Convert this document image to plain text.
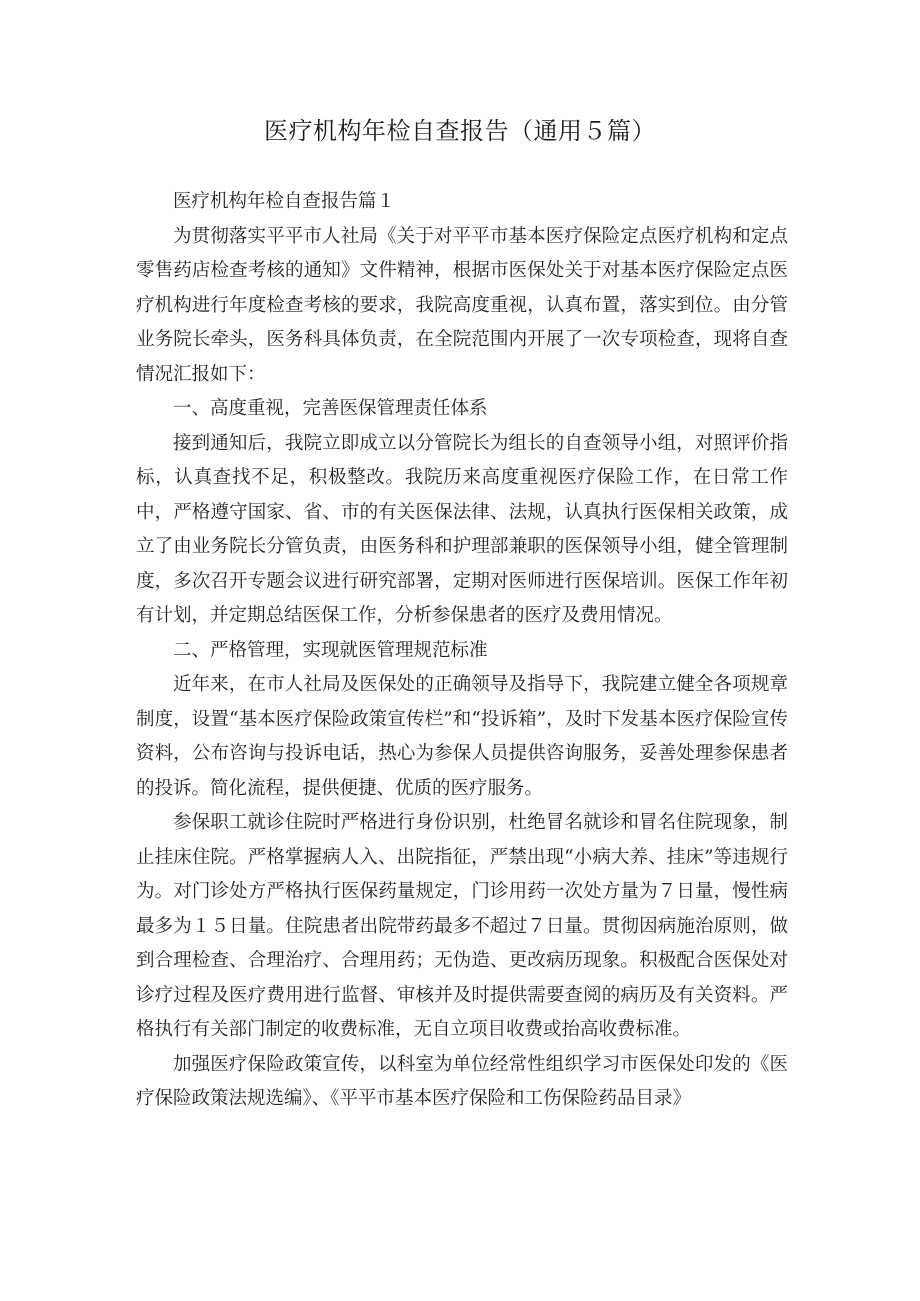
医疗机构年检自查报告（通用５篇）

医疗机构年检自查报告篇１

为贯彻落实平平市人社局《关于对平平市基本医疗保险定点医疗机构和定点零售药店检查考核的通知》文件精神，根据市医保处关于对基本医疗保险定点医疗机构进行年度检查考核的要求，我院高度重视，认真布置，落实到位。由分管业务院长牵头，医务科具体负责，在全院范围内开展了一次专项检查，现将自查情况汇报如下：

一、高度重视，完善医保管理责任体系

接到通知后，我院立即成立以分管院长为组长的自查领导小组，对照评价指标，认真查找不足，积极整改。我院历来高度重视医疗保险工作，在日常工作中，严格遵守国家、省、市的有关医保法律、法规，认真执行医保相关政策，成立了由业务院长分管负责，由医务科和护理部兼职的医保领导小组，健全管理制度，多次召开专题会议进行研究部署，定期对医师进行医保培训。医保工作年初有计划，并定期总结医保工作，分析参保患者的医疗及费用情况。

二、严格管理，实现就医管理规范标准

近年来，在市人社局及医保处的正确领导及指导下，我院建立健全各项规章制度，设置“基本医疗保险政策宣传栏”和“投诉箱”，及时下发基本医疗保险宣传资料，公布咨询与投诉电话，热心为参保人员提供咨询服务，妥善处理参保患者的投诉。简化流程，提供便捷、优质的医疗服务。

参保职工就诊住院时严格进行身份识别，杜绝冒名就诊和冒名住院现象，制止挂床住院。严格掌握病人入、出院指征，严禁出现“小病大养、挂床”等违规行为。对门诊处方严格执行医保药量规定，门诊用药一次处方量为７日量，慢性病最多为１５日量。住院患者出院带药最多不超过７日量。贯彻因病施治原则，做到合理检查、合理治疗、合理用药；无伪造、更改病历现象。积极配合医保处对诊疗过程及医疗费用进行监督、审核并及时提供需要查阅的病历及有关资料。严格执行有关部门制定的收费标准，无自立项目收费或抬高收费标准。

加强医疗保险政策宣传，以科室为单位经常性组织学习市医保处印发的《医疗保险政策法规选编》、《平平市基本医疗保险和工伤保险药品目录》
